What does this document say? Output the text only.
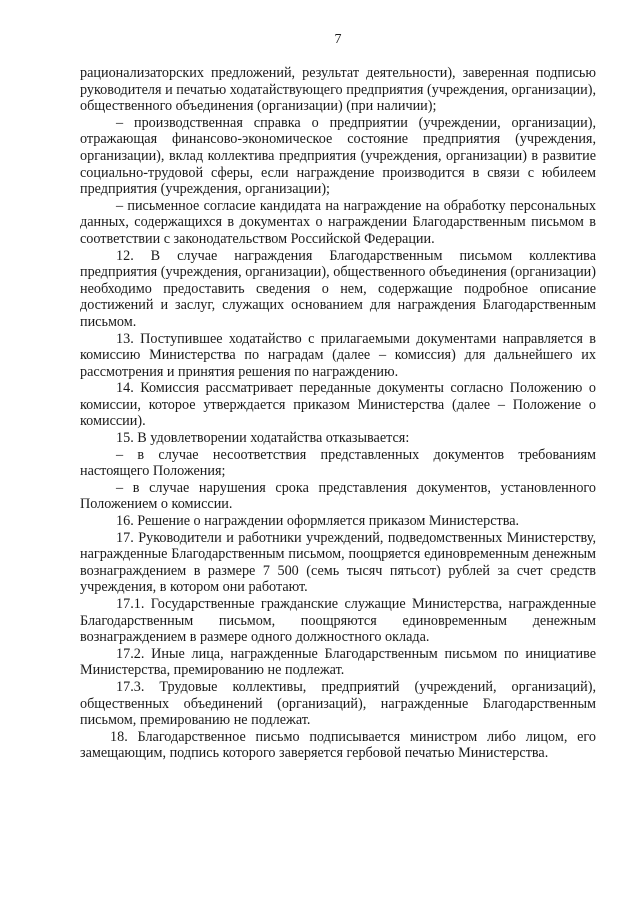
7

рационализаторских предложений, результат деятельности), заверенная подписью руководителя и печатью ходатайствующего предприятия (учреждения, организации), общественного объединения (организации) (при наличии);

– производственная справка о предприятии (учреждении, организации), отражающая финансово-экономическое состояние предприятия (учреждения, организации), вклад коллектива предприятия (учреждения, организации) в развитие социально-трудовой сферы, если награждение производится в связи с юбилеем предприятия (учреждения, организации);

– письменное согласие кандидата на награждение на обработку персональных данных, содержащихся в документах о награждении Благодарственным письмом в соответствии с законодательством Российской Федерации.

12. В случае награждения Благодарственным письмом коллектива предприятия (учреждения, организации), общественного объединения (организации) необходимо предоставить сведения о нем, содержащие подробное описание достижений и заслуг, служащих основанием для награждения Благодарственным письмом.

13. Поступившее ходатайство с прилагаемыми документами направляется в комиссию Министерства по наградам (далее – комиссия) для дальнейшего их рассмотрения и принятия решения по награждению.

14. Комиссия рассматривает переданные документы согласно Положению о комиссии, которое утверждается приказом Министерства (далее – Положение о комиссии).

15. В удовлетворении ходатайства отказывается:

– в случае несоответствия представленных документов требованиям настоящего Положения;

– в случае нарушения срока представления документов, установленного Положением о комиссии.

16. Решение о награждении оформляется приказом Министерства.

17. Руководители и работники учреждений, подведомственных Министерству, награжденные Благодарственным письмом, поощряется единовременным денежным вознаграждением в размере 7 500 (семь тысяч пятьсот) рублей за счет средств учреждения, в котором они работают.

17.1. Государственные гражданские служащие Министерства, награжденные Благодарственным письмом, поощряются единовременным денежным вознаграждением в размере одного должностного оклада.

17.2. Иные лица, награжденные Благодарственным письмом по инициативе Министерства, премированию не подлежат.

17.3. Трудовые коллективы, предприятий (учреждений, организаций), общественных объединений (организаций), награжденные Благодарственным письмом, премированию не подлежат.

18. Благодарственное письмо подписывается министром либо лицом, его замещающим, подпись которого заверяется гербовой печатью Министерства.
